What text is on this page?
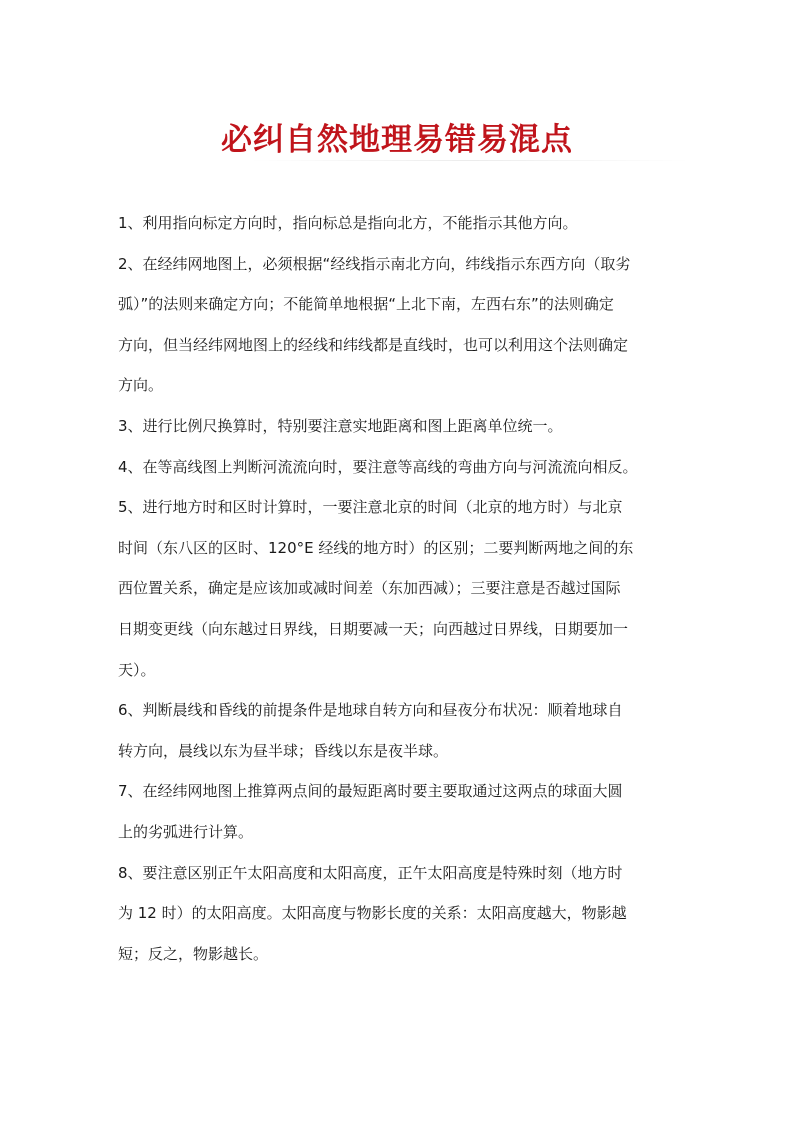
必纠自然地理易错易混点
1、利用指向标定方向时，指向标总是指向北方，不能指示其他方向。
2、在经纬网地图上，必须根据“经线指示南北方向，纬线指示东西方向（取劣
弧）”的法则来确定方向；不能简单地根据“上北下南，左西右东”的法则确定
方向，但当经纬网地图上的经线和纬线都是直线时，也可以利用这个法则确定
方向。
3、进行比例尺换算时，特别要注意实地距离和图上距离单位统一。
4、在等高线图上判断河流流向时，要注意等高线的弯曲方向与河流流向相反。
5、进行地方时和区时计算时，一要注意北京的时间（北京的地方时）与北京
时间（东八区的区时、120°E 经线的地方时）的区别；二要判断两地之间的东
西位置关系，确定是应该加或减时间差（东加西减）；三要注意是否越过国际
日期变更线（向东越过日界线，日期要减一天；向西越过日界线，日期要加一
天）。
6、判断晨线和昏线的前提条件是地球自转方向和昼夜分布状况：顺着地球自
转方向，晨线以东为昼半球；昏线以东是夜半球。
7、在经纬网地图上推算两点间的最短距离时要主要取通过这两点的球面大圆
上的劣弧进行计算。
8、要注意区别正午太阳高度和太阳高度，正午太阳高度是特殊时刻（地方时
为 12 时）的太阳高度。太阳高度与物影长度的关系：太阳高度越大，物影越
短；反之，物影越长。
